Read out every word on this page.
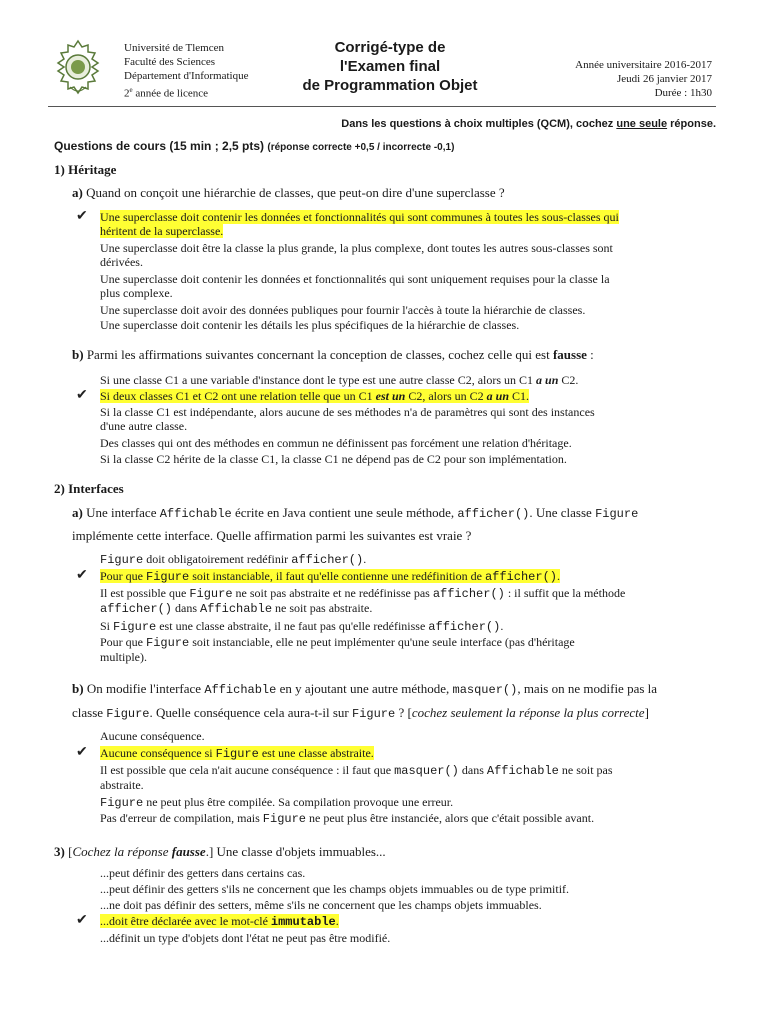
Université de Tlemcen
Faculté des Sciences
Département d'Informatique
2e année de licence
Corrigé-type de
l'Examen final
de Programmation Objet
Année universitaire 2016-2017
Jeudi 26 janvier 2017
Durée : 1h30
Dans les questions à choix multiples (QCM), cochez une seule réponse.
Questions de cours (15 min ; 2,5 pts) (réponse correcte +0,5 / incorrecte -0,1)
1) Héritage
a) Quand on conçoit une hiérarchie de classes, que peut-on dire d'une superclasse ?
✔ Une superclasse doit contenir les données et fonctionnalités qui sont communes à toutes les sous-classes qui
héritent de la superclasse.
Une superclasse doit être la classe la plus grande, la plus complexe, dont toutes les autres sous-classes sont
dérivées.
Une superclasse doit contenir les données et fonctionnalités qui sont uniquement requises pour la classe la
plus complexe.
Une superclasse doit avoir des données publiques pour fournir l'accès à toute la hiérarchie de classes.
Une superclasse doit contenir les détails les plus spécifiques de la hiérarchie de classes.
b) Parmi les affirmations suivantes concernant la conception de classes, cochez celle qui est fausse :
Si une classe C1 a une variable d'instance dont le type est une autre classe C2, alors un C1 a un C2.
✔ Si deux classes C1 et C2 ont une relation telle que un C1 est un C2, alors un C2 a un C1.
Si la classe C1 est indépendante, alors aucune de ses méthodes n'a de paramètres qui sont des instances
d'une autre classe.
Des classes qui ont des méthodes en commun ne définissent pas forcément une relation d'héritage.
Si la classe C2 hérite de la classe C1, la classe C1 ne dépend pas de C2 pour son implémentation.
2) Interfaces
a) Une interface Affichable écrite en Java contient une seule méthode, afficher(). Une classe Figure
implémente cette interface. Quelle affirmation parmi les suivantes est vraie ?
Figure doit obligatoirement redéfinir afficher().
✔ Pour que Figure soit instanciable, il faut qu'elle contienne une redéfinition de afficher().
Il est possible que Figure ne soit pas abstraite et ne redéfinisse pas afficher() : il suffit que la méthode
afficher() dans Affichable ne soit pas abstraite.
Si Figure est une classe abstraite, il ne faut pas qu'elle redéfinisse afficher().
Pour que Figure soit instanciable, elle ne peut implémenter qu'une seule interface (pas d'héritage
multiple).
b) On modifie l'interface Affichable en y ajoutant une autre méthode, masquer(), mais on ne modifie pas la
classe Figure. Quelle conséquence cela aura-t-il sur Figure ? [cochez seulement la réponse la plus correcte]
Aucune conséquence.
✔ Aucune conséquence si Figure est une classe abstraite.
Il est possible que cela n'ait aucune conséquence : il faut que masquer() dans Affichable ne soit pas
abstraite.
Figure ne peut plus être compilée. Sa compilation provoque une erreur.
Pas d'erreur de compilation, mais Figure ne peut plus être instanciée, alors que c'était possible avant.
3) [Cochez la réponse fausse.] Une classe d'objets immuables...
...peut définir des getters dans certains cas.
...peut définir des getters s'ils ne concernent que les champs objets immuables ou de type primitif.
...ne doit pas définir des setters, même s'ils ne concernent que les champs objets immuables.
✔ ...doit être déclarée avec le mot-clé immutable.
...définit un type d'objets dont l'état ne peut pas être modifié.
